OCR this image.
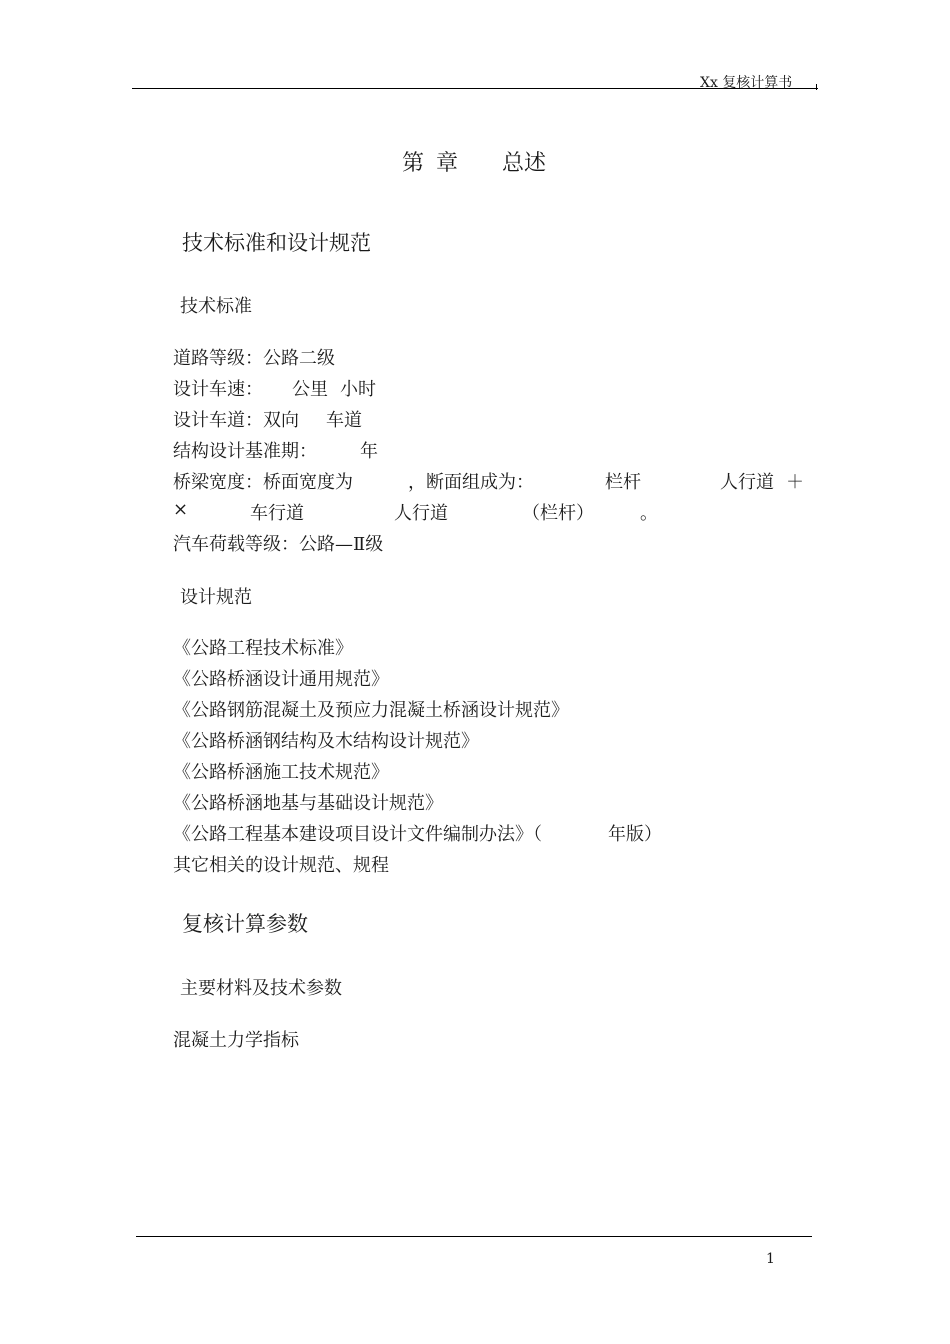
Xx 复核计算书
第 章 总述
技术标准和设计规范
技术标准
道路等级：公路二级
设计车速： 公里 小时
设计车道：双向 车道
结构设计基准期： 年
桥梁宽度：桥面宽度为	，断面组成为：	栏杆	人行道 ＋
×	车行道	人行道	（栏杆）	。
汽车荷载等级：公路—Ⅱ级
设计规范
《公路工程技术标准》
《公路桥涵设计通用规范》
《公路钢筋混凝土及预应力混凝土桥涵设计规范》
《公路桥涵钢结构及木结构设计规范》
《公路桥涵施工技术规范》
《公路桥涵地基与基础设计规范》
《公路工程基本建设项目设计文件编制办法》（	年版）
其它相关的设计规范、规程
复核计算参数
主要材料及技术参数
混凝土力学指标
1
